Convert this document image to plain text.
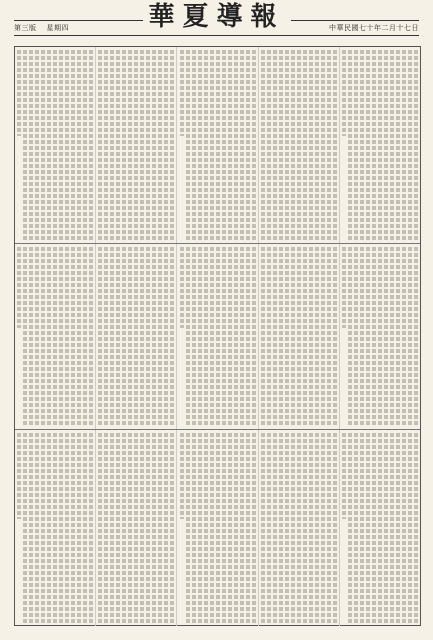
第三版 星期四	中華民國七十年二月十七日
華夏導報
